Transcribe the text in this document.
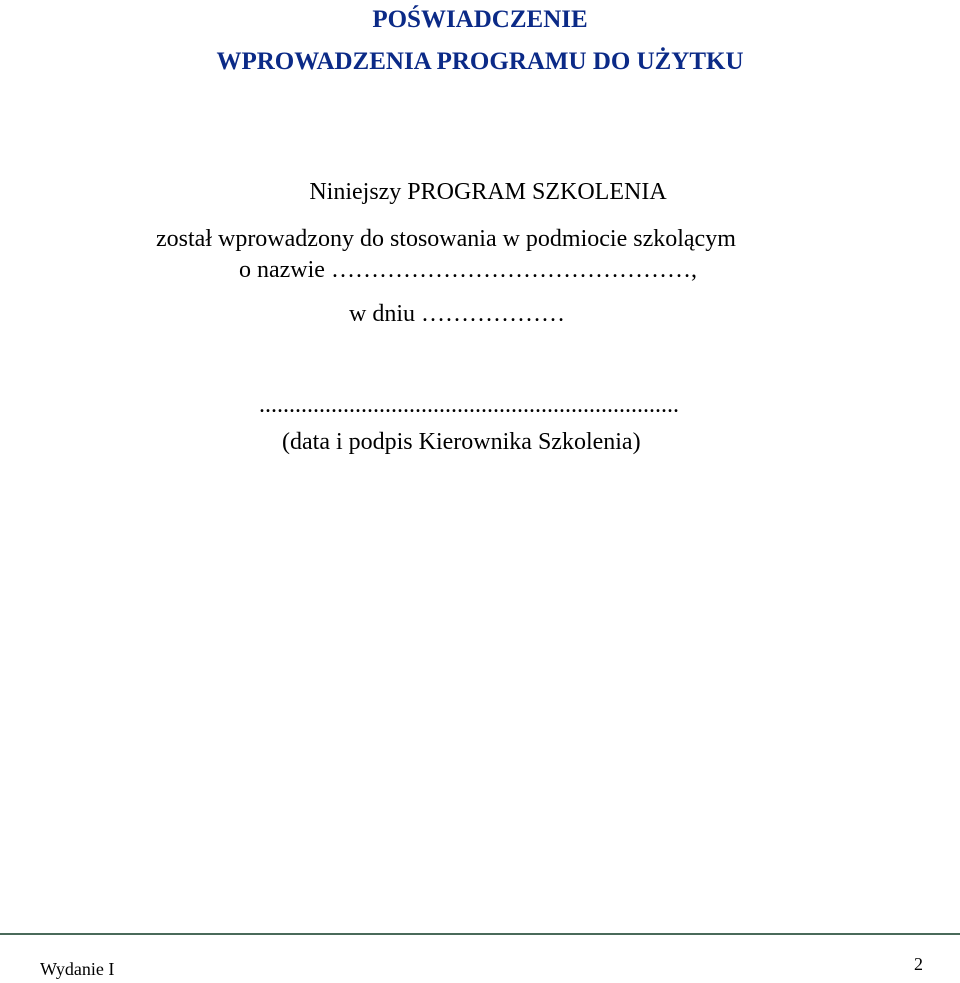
POŚWIADCZENIE
WPROWADZENIA PROGRAMU DO UŻYTKU
Niniejszy PROGRAM SZKOLENIA
został wprowadzony do stosowania w podmiocie szkolącym
o nazwie ………………………………………,
w dniu ………………
......................................................................
(data i podpis Kierownika Szkolenia)
Wydanie I	2
